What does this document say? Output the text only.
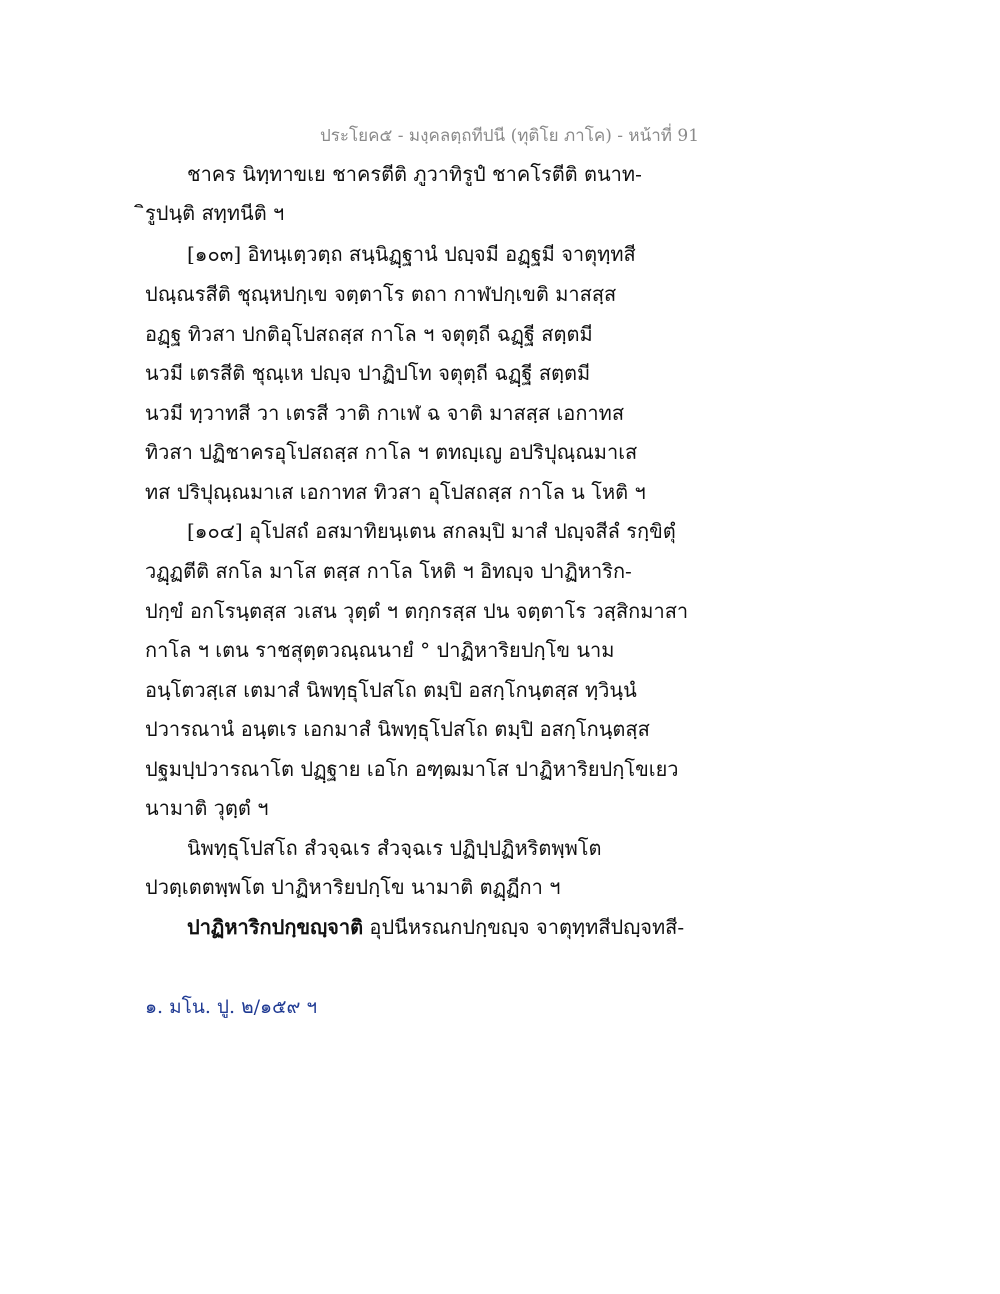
ประโยค๕ - มงฺคลตฺถทีปนี (ทุติโย ภาโค) - หน้าที่ 91
ชาคร นิทฺทาขเย ชาครตีติ ภูวาทิรูปํ ชาคโรตีติ ตนาท-
ิรูปนฺติ สทฺทนีติ ฯ
[๑๐๓] อิทนฺเตฺวตฺถ สนฺนิฏฺฐานํ ปญฺจมี อฏฺฐมี จาตุทฺทสี
ปณฺณรสีติ ชุณฺหปกฺเข จตฺตาโร ตถา กาฬปกฺเขติ มาสสฺส
อฏฺฐ ทิวสา ปกติอุโปสถสฺส กาโล ฯ จตุตฺถี ฉฏฺฐี สตฺตมี
นวมี เตรสีติ ชุณฺเห ปญฺจ ปาฏิปโท จตุตฺถี ฉฏฺฐี สตฺตมี
นวมี ทฺวาทสี วา เตรสี วาติ กาเฬ ฉ จาติ มาสสฺส เอกาทส
ทิวสา ปฏิชาครอุโปสถสฺส กาโล ฯ ตทญฺเญ อปริปุณฺณมาเส
ทส ปริปุณฺณมาเส เอกาทส ทิวสา อุโปสถสฺส กาโล น โหติ ฯ
[๑๐๔] อุโปสถํ อสมาทิยนฺเตน สกลมฺปิ มาสํ ปญฺจสีลํ รกฺขิตุํ
วฏฺฏตีติ สกโล มาโส ตสฺส กาโล โหติ ฯ อิทญฺจ ปาฏิหาริก-
ปกฺขํ อกโรนฺตสฺส วเสน วุตฺตํ ฯ ตกฺกรสฺส ปน จตฺตาโร วสฺสิกมาสา
กาโล ฯ เตน ราชสุตฺตวณฺณนายํ ° ปาฏิหาริยปกฺโข นาม
อนฺโตวสฺเส เตมาสํ นิพทฺธุโปสโถ ตมฺปิ อสกฺโกนฺตสฺส ทฺวินฺนํ
ปวารณานํ อนฺตเร เอกมาสํ นิพทฺธุโปสโถ ตมฺปิ อสกฺโกนฺตสฺส
ปฐมปฺปวารณาโต ปฏฺฐาย เอโก อฑฺฒมาโส ปาฏิหาริยปกฺโขเยว
นามาติ วุตฺตํ ฯ
นิพทฺธุโปสโถ สํวจฺฉเร สํวจฺฉเร ปฏิปฺปฏิหริตพฺพโต
ปวตฺเตตพฺพโต ปาฏิหาริยปกฺโข นามาติ ตฏฺฏีกา ฯ
ปาฏิหาริกปกฺขญฺจาติ อุปนีหรณกปกฺขญฺจ จาตุทฺทสีปญฺจทสี-
๑. มโน. ปู. ๒/๑๕๙ ฯ
